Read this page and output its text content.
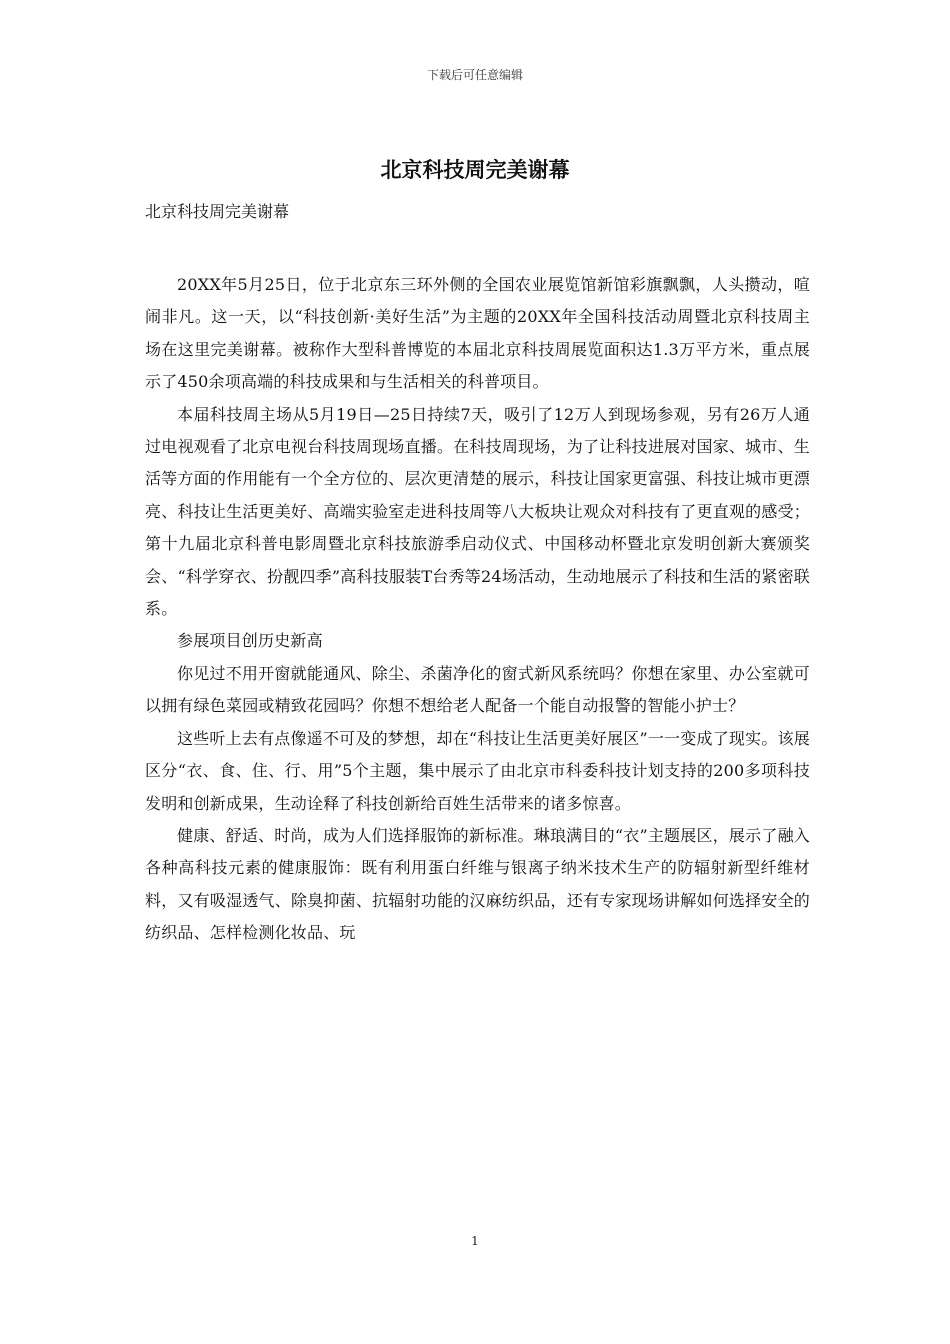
下载后可任意编辑
北京科技周完美谢幕

北京科技周完美谢幕

20XX年5月25日，位于北京东三环外侧的全国农业展览馆新馆彩旗飘飘，人头攒动，喧闹非凡。这一天，以“科技创新·美好生活”为主题的20XX年全国科技活动周暨北京科技周主场在这里完美谢幕。被称作大型科普博览的本届北京科技周展览面积达1.3万平方米，重点展示了450余项高端的科技成果和与生活相关的科普项目。

本届科技周主场从5月19日—25日持续7天，吸引了12万人到现场参观，另有26万人通过电视观看了北京电视台科技周现场直播。在科技周现场，为了让科技进展对国家、城市、生活等方面的作用能有一个全方位的、层次更清楚的展示，科技让国家更富强、科技让城市更漂亮、科技让生活更美好、高端实验室走进科技周等八大板块让观众对科技有了更直观的感受；第十九届北京科普电影周暨北京科技旅游季启动仪式、中国移动杯暨北京发明创新大赛颁奖会、“科学穿衣、扮靓四季”高科技服装T台秀等24场活动，生动地展示了科技和生活的紧密联系。

参展项目创历史新高

你见过不用开窗就能通风、除尘、杀菌净化的窗式新风系统吗？你想在家里、办公室就可以拥有绿色菜园或精致花园吗？你想不想给老人配备一个能自动报警的智能小护士？

这些听上去有点像遥不可及的梦想，却在“科技让生活更美好展区”一一变成了现实。该展区分“衣、食、住、行、用”5个主题，集中展示了由北京市科委科技计划支持的200多项科技发明和创新成果，生动诠释了科技创新给百姓生活带来的诸多惊喜。

健康、舒适、时尚，成为人们选择服饰的新标准。琳琅满目的“衣”主题展区，展示了融入各种高科技元素的健康服饰：既有利用蛋白纤维与银离子纳米技术生产的防辐射新型纤维材料，又有吸湿透气、除臭抑菌、抗辐射功能的汉麻纺织品，还有专家现场讲解如何选择安全的纺织品、怎样检测化妆品、玩

1
